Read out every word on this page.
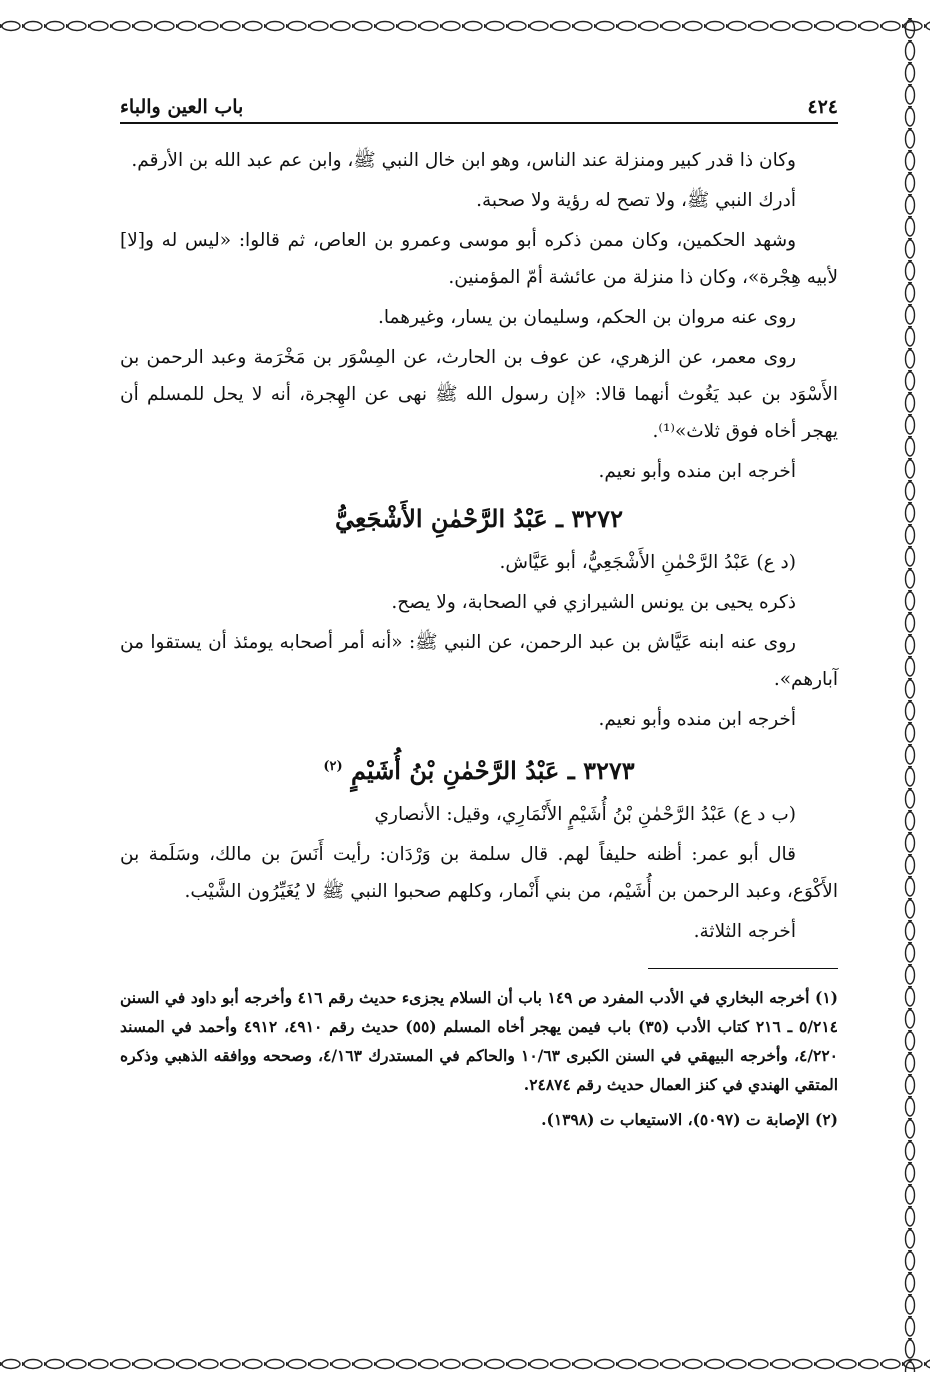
٤٢٤
باب العين والباء

وكان ذا قدر كبير ومنزلة عند الناس، وهو ابن خال النبي ﷺ، وابن عم عبد الله بن الأرقم.

أدرك النبي ﷺ، ولا تصح له رؤية ولا صحبة.

وشهد الحكمين، وكان ممن ذكره أبو موسى وعمرو بن العاص، ثم قالوا: «ليس له و[لا] لأبيه هِجْرة»، وكان ذا منزلة من عائشة أمّ المؤمنين.

روى عنه مروان بن الحكم، وسليمان بن يسار، وغيرهما.

روى معمر، عن الزهري، عن عوف بن الحارث، عن المِسْوَر بن مَخْرَمة وعبد الرحمن بن الأَسْوَد بن عبد يَغُوث أنهما قالا: «إن رسول الله ﷺ نهى عن الهِجرة، أنه لا يحل للمسلم أن يهجر أخاه فوق ثلاث»⁽¹⁾.

أخرجه ابن منده وأبو نعيم.

٣٢٧٢ ـ عَبْدُ الرَّحْمٰنِ الأَشْجَعِيُّ

(د ع) عَبْدُ الرَّحْمٰنِ الأَشْجَعِيُّ، أبو عَيَّاش.

ذكره يحيى بن يونس الشيرازي في الصحابة، ولا يصح.

روى عنه ابنه عَيَّاش بن عبد الرحمن، عن النبي ﷺ: «أنه أمر أصحابه يومئذ أن يستقوا من آبارهم».

أخرجه ابن منده وأبو نعيم.

٣٢٧٣ ـ عَبْدُ الرَّحْمٰنِ بْنُ أُشَيْمٍ $^{(٢)}$

(ب د ع) عَبْدُ الرَّحْمٰنِ بْنُ أُشَيْمٍ الأَنْمَارِي، وقيل: الأنصاري

قال أبو عمر: أظنه حليفاً لهم. قال سلمة بن وَرْدَان: رأيت أَنَسَ بن مالك، وسَلَمة بن الأَكْوَع، وعبد الرحمن بن أُشَيْم، من بني أَنْمار، وكلهم صحبوا النبي ﷺ لا يُغَيِّرُون الشَّيْب.

أخرجه الثلاثة.

(١) أخرجه البخاري في الأدب المفرد ص ١٤٩ باب أن السلام يجزىء حديث رقم ٤١٦ وأخرجه أبو داود في السنن ٥/٢١٤ ـ ٢١٦ كتاب الأدب (٣٥) باب فيمن يهجر أخاه المسلم (٥٥) حديث رقم ٤٩١٠، ٤٩١٢ وأحمد في المسند ٤/٢٢٠، وأخرجه البيهقي في السنن الكبرى ١٠/٦٣ والحاكم في المستدرك ٤/١٦٣، وصححه ووافقه الذهبي وذكره المتقي الهندي في كنز العمال حديث رقم ٢٤٨٧٤.

(٢) الإصابة ت (٥٠٩٧)، الاستيعاب ت (١٣٩٨).
